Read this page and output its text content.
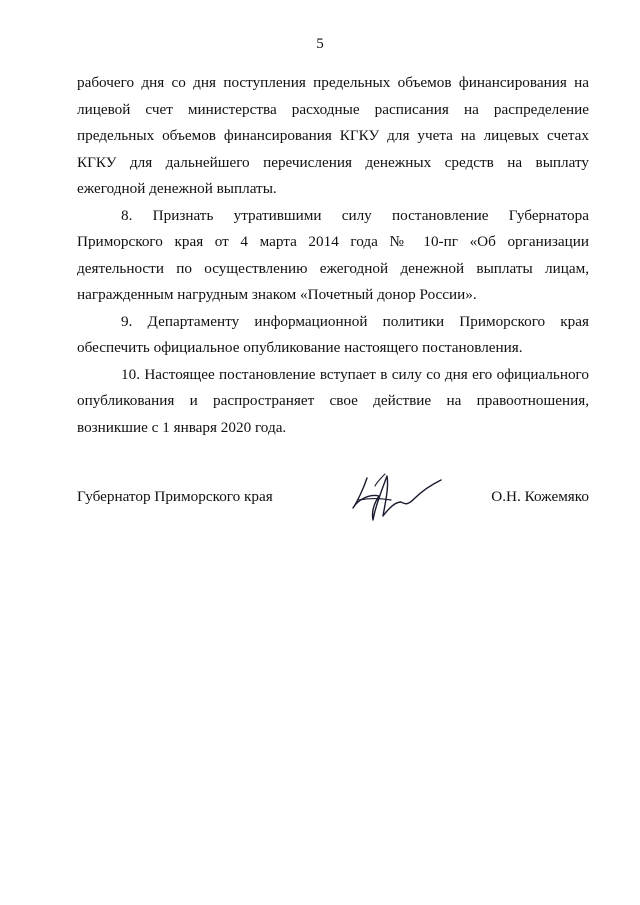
5

рабочего дня со дня поступления предельных объемов финансирования на лицевой счет министерства расходные расписания на распределение предельных объемов финансирования КГКУ для учета на лицевых счетах КГКУ для дальнейшего перечисления денежных средств на выплату ежегодной денежной выплаты.

8. Признать утратившими силу постановление Губернатора Приморского края от 4 марта 2014 года № 10-пг «Об организации деятельности по осуществлению ежегодной денежной выплаты лицам, награжденным нагрудным знаком «Почетный донор России».

9. Департаменту информационной политики Приморского края обеспечить официальное опубликование настоящего постановления.

10. Настоящее постановление вступает в силу со дня его официального опубликования и распространяет свое действие на правоотношения, возникшие с 1 января 2020 года.

Губернатор Приморского края	О.Н. Кожемяко
